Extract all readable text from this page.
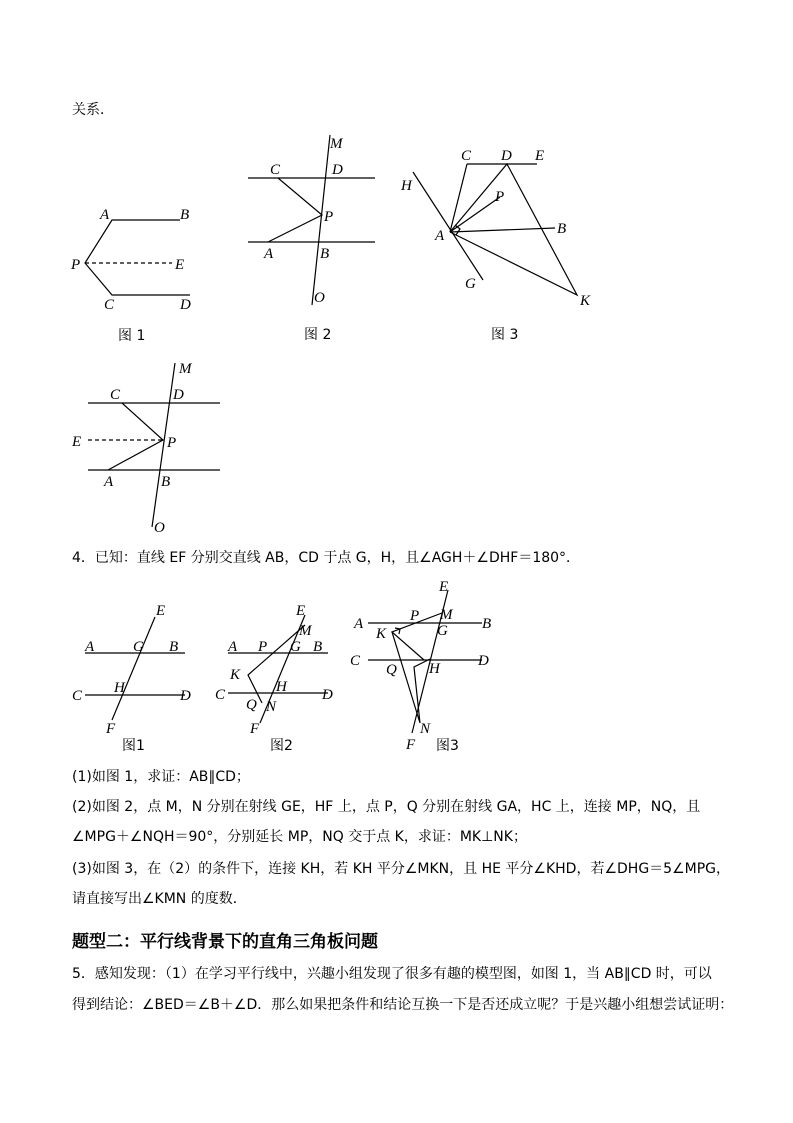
关系．
A	B
P	E
C	D
图 1
M
C	D
P
A	B
O
图 2
C D E
H
P
A	B
G
K
图 3
M
C	D
E	P
A	B
O
4．已知：直线 EF 分别交直线 AB，CD 于点 G，H，且∠AGH＋∠DHF＝180°．
E
A	G B
H
C	D
F
图1
E
M
A P G B
K
H
C	D
Q N
F
图2
E
P M
A
K	G B
C
Q H	D
N
F 图3
(1)如图 1，求证：AB∥CD；
(2)如图 2，点 M，N 分别在射线 GE，HF 上，点 P，Q 分别在射线 GA，HC 上，连接 MP，NQ，且
∠MPG＋∠NQH＝90°，分别延长 MP，NQ 交于点 K，求证：MK⊥NK；
(3)如图 3，在（2）的条件下，连接 KH，若 KH 平分∠MKN，且 HE 平分∠KHD，若∠DHG＝5∠MPG，
请直接写出∠KMN 的度数．
题型二：平行线背景下的直角三角板问题
5．感知发现：（1）在学习平行线中，兴趣小组发现了很多有趣的模型图，如图 1，当 AB∥CD 时，可以
得到结论：∠BED＝∠B＋∠D．那么如果把条件和结论互换一下是否还成立呢？于是兴趣小组想尝试证明：
